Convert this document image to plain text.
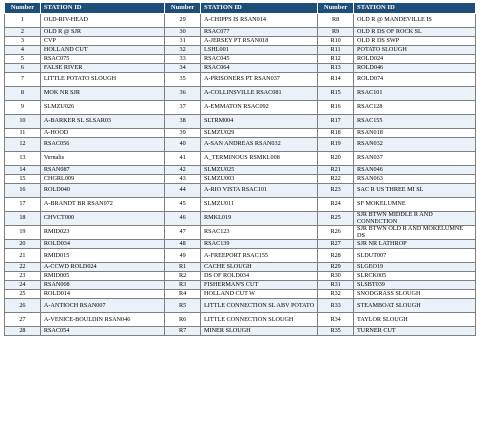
Number	STATION ID	Number	STATION ID	Number	STATION ID
1	OLD-RIV-HEAD	29	A-CHIPPS IS RSAN014	R8	OLD R @ MANDEVILLE IS
2	OLD R @ SJR	30	RSAC077	R9	OLD R DS OF ROCK SL
3	CVP	31	A-JERSEY PT RSAN018	R10	OLD R DS SWP
4	HOLLAND CUT	32	LSHL001	R11	POTATO SLOUGH
5	RSAC075	33	RSAC045	R12	ROLD024
6	FALSE RIVER	34	RSAC064	R13	ROLD046
7	LITTLE POTATO SLOUGH	35	A-PRISONERS PT RSAN037	R14	ROLD074
8	MOK NR SJR	36	A-COLLINSVILLE RSAC081	R15	RSAC101
9	SLMZU026	37	A-EMMATON RSAC092	R16	RSAC128
10	A-BARKER SL SLSAR03	38	SLTRM004	R17	RSAC155
11	A-HOOD	39	SLMZU029	R18	RSAN018
12	RSAC056	40	A-SAN ANDREAS RSAN032	R19	RSAN032
13	Vernalis	41	A_TERMINOUS RSMKL008	R20	RSAN037
14	RSAN087	42	SLMZU025	R21	RSAN046
15	CHGRL009	43	SLMZU003	R22	RSAN063
16	ROLD040	44	A-RIO VISTA RSAC101	R23	SAC R US THREE MI SL
17	A-BRANDT BR RSAN072	45	SLMZU011	R24	SF MOKELUMNE
18	CHVCT000	46	RMKL019	R25	SJR BTWN MIDDLE R AND CONNECTION
19	RMID023	47	RSAC123	R26	SJR BTWN OLD R AND MOKELUMNE DS
20	ROLD034	48	RSAC139	R27	SJR NR LATHROP
21	RMID015	49	A-FREEPORT RSAC155	R28	SLDUT007
22	A-CCWD ROLD024	R1	CACHE SLOUGH	R29	SLGEO19
23	RMID005	R2	DS OF ROLD034	R30	SLRCK005
24	RSAN008	R3	FISHERMAN'S CUT	R31	SLSBT039
25	ROLD014	R4	HOLLAND CUT W	R32	SNODGRASS SLOUGH
26	A-ANTIOCH RSAN007	R5	LITTLE CONNECTION SL ABV POTATO	R33	STEAMBOAT SLOUGH
27	A-VENICE-BOULDIN RSAN046	R6	LITTLE CONNECTION SLOUGH	R34	TAYLOR SLOUGH
28	RSAC054	R7	MINER SLOUGH	R35	TURNER CUT
